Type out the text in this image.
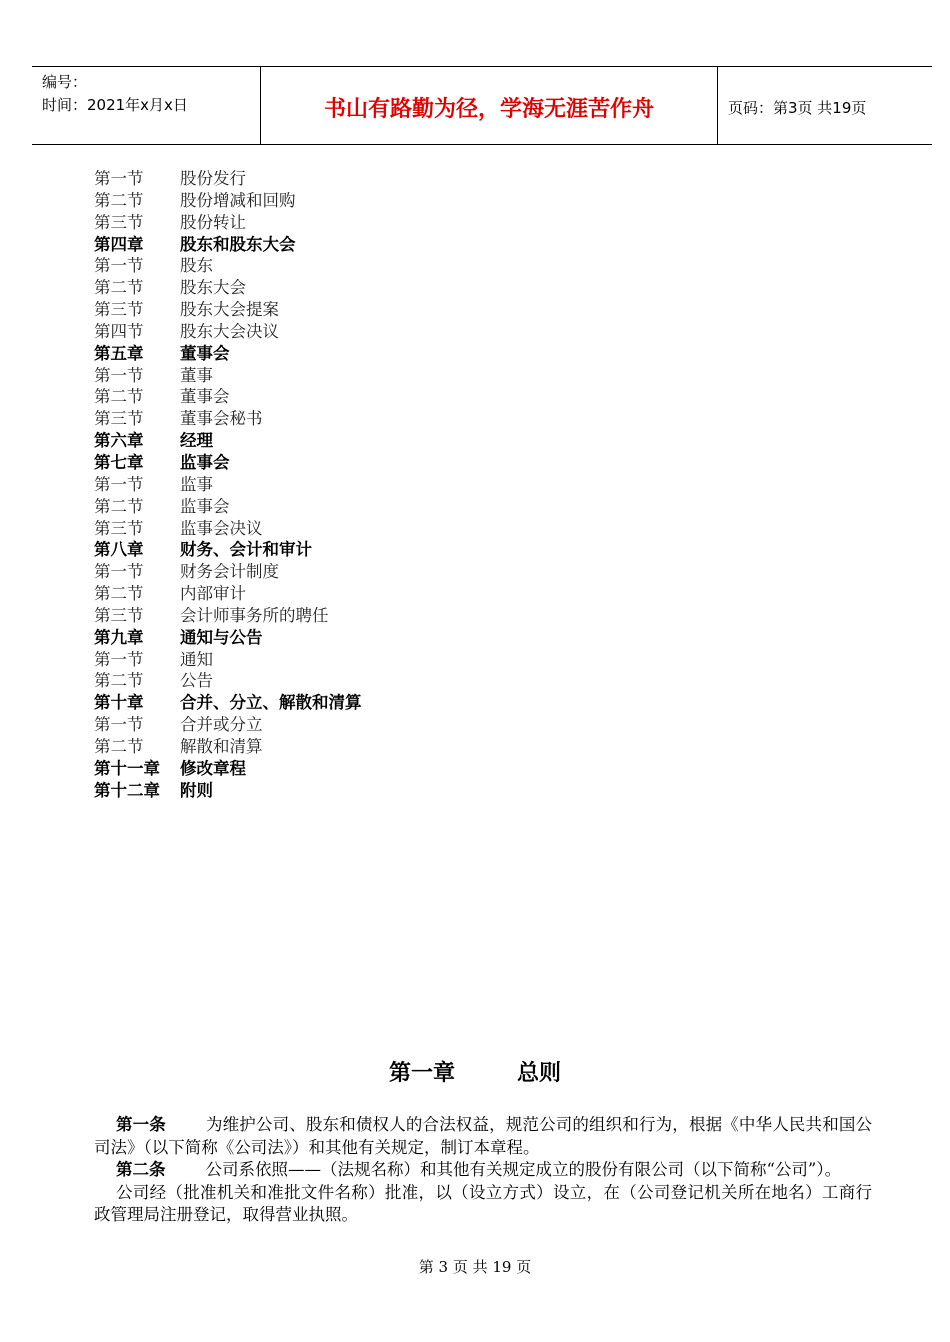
编号：
时间：2021年x月x日	书山有路勤为径，学海无涯苦作舟	页码：第3页 共19页
第一节	股份发行
第二节	股份增减和回购
第三节	股份转让
第四章	股东和股东大会
第一节	股东
第二节	股东大会
第三节	股东大会提案
第四节	股东大会决议
第五章	董事会
第一节	董事
第二节	董事会
第三节	董事会秘书
第六章	经理
第七章	监事会
第一节	监事
第二节	监事会
第三节	监事会决议
第八章	财务、会计和审计
第一节	财务会计制度
第二节	内部审计
第三节	会计师事务所的聘任
第九章	通知与公告
第一节	通知
第二节	公告
第十章	合并、分立、解散和清算
第一节	合并或分立
第二节	解散和清算
第十一章	修改章程
第十二章	附则
第一章	总则

第一条 为维护公司、股东和债权人的合法权益，规范公司的组织和行为，根据《中华人民共和国公司法》（以下简称《公司法》）和其他有关规定，制订本章程。

第二条 公司系依照——（法规名称）和其他有关规定成立的股份有限公司（以下简称“公司”）。

公司经（批准机关和准批文件名称）批准，以（设立方式）设立，在（公司登记机关所在地名）工商行政管理局注册登记，取得营业执照。

第 3 页 共 19 页
